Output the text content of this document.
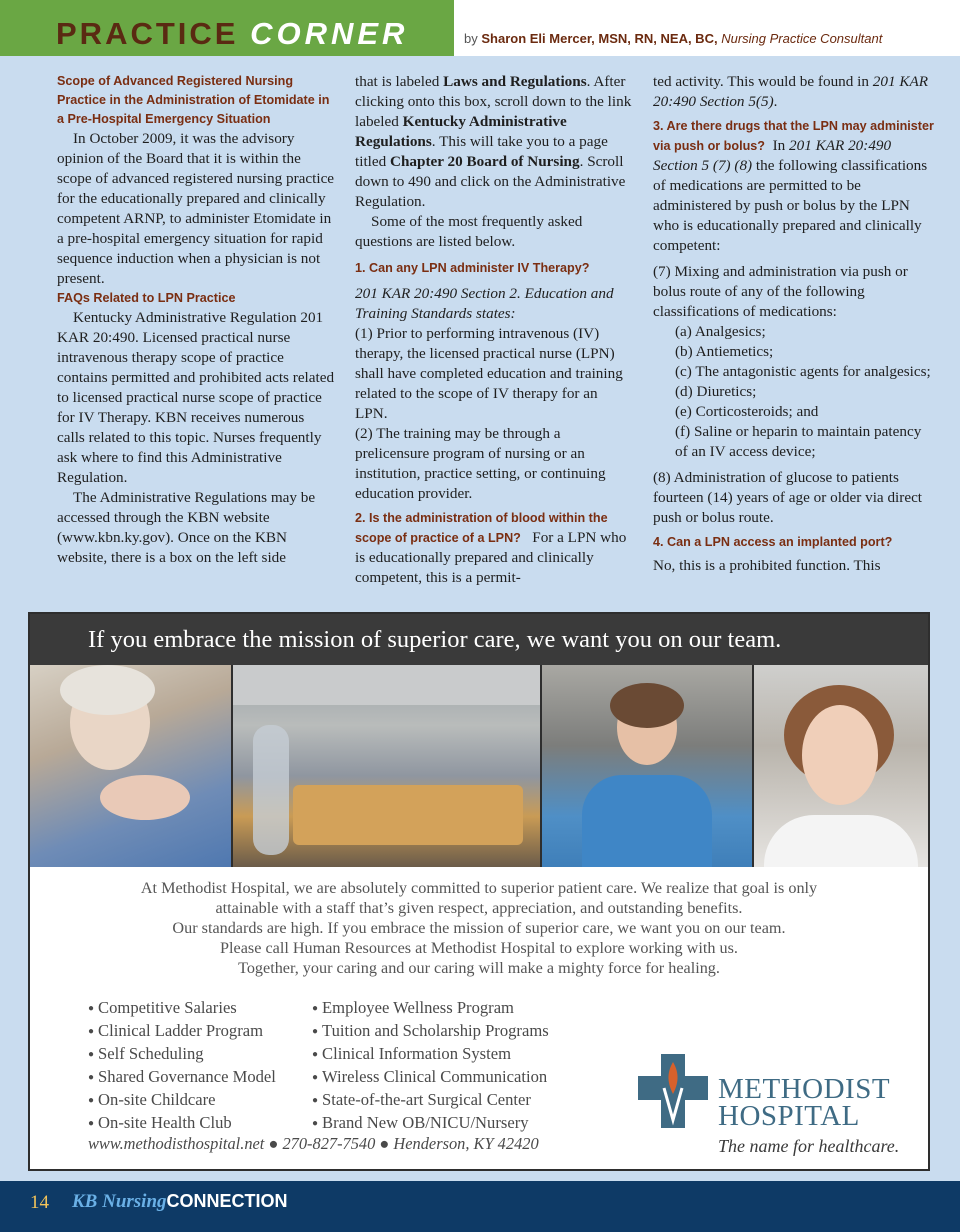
PRACTICE CORNER	by Sharon Eli Mercer, MSN, RN, NEA, BC, Nursing Practice Consultant

Scope of Advanced Registered Nursing Practice in the Administration of Etomidate in a Pre-Hospital Emergency Situation

In October 2009, it was the advisory opinion of the Board that it is within the scope of advanced registered nursing practice for the educationally prepared and clinically competent ARNP, to administer Etomidate in a pre-hospital emergency situation for rapid sequence induction when a physician is not present.

FAQs Related to LPN Practice

Kentucky Administrative Regulation 201 KAR 20:490. Licensed practical nurse intravenous therapy scope of practice contains permitted and prohibited acts related to licensed practical nurse scope of practice for IV Therapy. KBN receives numerous calls related to this topic. Nurses frequently ask where to find this Administrative Regulation.

The Administrative Regulations may be accessed through the KBN website (www.kbn.ky.gov). Once on the KBN website, there is a box on the left side

that is labeled Laws and Regulations. After clicking onto this box, scroll down to the link labeled Kentucky Administrative Regulations. This will take you to a page titled Chapter 20 Board of Nursing. Scroll down to 490 and click on the Administrative Regulation.

Some of the most frequently asked questions are listed below.

1. Can any LPN administer IV Therapy?

201 KAR 20:490 Section 2. Education and Training Standards states:

(1) Prior to performing intravenous (IV) therapy, the licensed practical nurse (LPN) shall have completed education and training related to the scope of IV therapy for an LPN.

(2) The training may be through a prelicensure program of nursing or an institution, practice setting, or continuing education provider.

2. Is the administration of blood within the scope of practice of a LPN? For a LPN who is educationally prepared and clinically competent, this is a permit-

ted activity. This would be found in 201 KAR 20:490 Section 5(5).

3. Are there drugs that the LPN may administer via push or bolus? In 201 KAR 20:490 Section 5 (7) (8) the following classifications of medications are permitted to be administered by push or bolus by the LPN who is educationally prepared and clinically competent:

(7) Mixing and administration via push or bolus route of any of the following classifications of medications:

(a) Analgesics;

(b) Antiemetics;

(c) The antagonistic agents for analgesics;

(d) Diuretics;

(e) Corticosteroids; and

(f) Saline or heparin to maintain patency of an IV access device;

(8) Administration of glucose to patients fourteen (14) years of age or older via direct push or bolus route.

4. Can a LPN access an implanted port?

No, this is a prohibited function. This

If you embrace the mission of superior care, we want you on our team.
At Methodist Hospital, we are absolutely committed to superior patient care. We realize that goal is only
attainable with a staff that’s given respect, appreciation, and outstanding benefits.
Our standards are high. If you embrace the mission of superior care, we want you on our team.
Please call Human Resources at Methodist Hospital to explore working with us.
Together, your caring and our caring will make a mighty force for healing.
● Competitive Salaries
● Clinical Ladder Program
● Self Scheduling
● Shared Governance Model
● On-site Childcare
● On-site Health Club
● Employee Wellness Program
● Tuition and Scholarship Programs
● Clinical Information System
● Wireless Clinical Communication
● State-of-the-art Surgical Center
● Brand New OB/NICU/Nursery
www.methodisthospital.net ● 270-827-7540 ● Henderson, KY 42420
METHODIST
HOSPITAL
The name for healthcare.
14 KB NursingCONNECTION
